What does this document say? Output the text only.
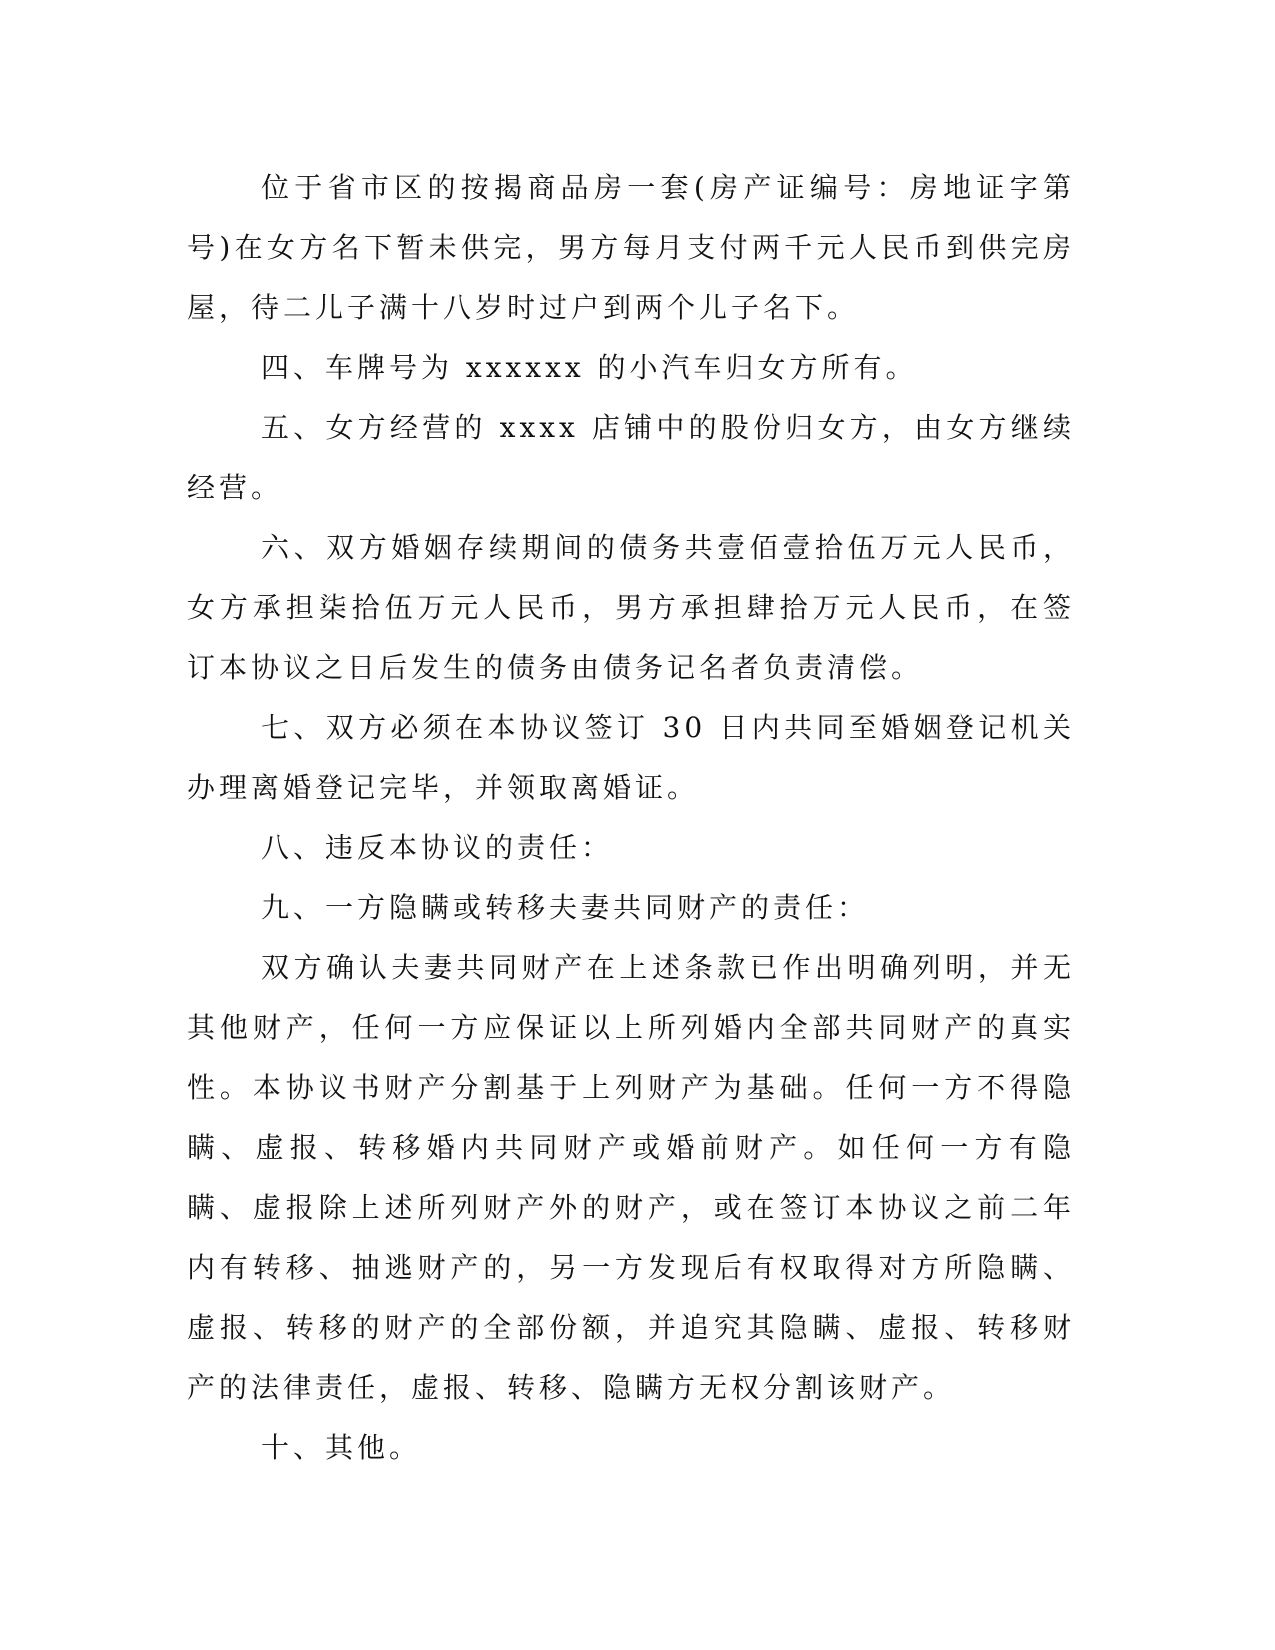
位于省市区的按揭商品房一套(房产证编号：房地证字第号)在女方名下暂未供完，男方每月支付两千元人民币到供完房屋，待二儿子满十八岁时过户到两个儿子名下。

四、车牌号为 xxxxxx 的小汽车归女方所有。

五、女方经营的 xxxx 店铺中的股份归女方，由女方继续经营。

六、双方婚姻存续期间的债务共壹佰壹拾伍万元人民币，女方承担柒拾伍万元人民币，男方承担肆拾万元人民币，在签订本协议之日后发生的债务由债务记名者负责清偿。

七、双方必须在本协议签订 30 日内共同至婚姻登记机关办理离婚登记完毕，并领取离婚证。

八、违反本协议的责任：

九、一方隐瞒或转移夫妻共同财产的责任：

双方确认夫妻共同财产在上述条款已作出明确列明，并无其他财产，任何一方应保证以上所列婚内全部共同财产的真实性。本协议书财产分割基于上列财产为基础。任何一方不得隐瞒、虚报、转移婚内共同财产或婚前财产。如任何一方有隐瞒、虚报除上述所列财产外的财产，或在签订本协议之前二年内有转移、抽逃财产的，另一方发现后有权取得对方所隐瞒、虚报、转移的财产的全部份额，并追究其隐瞒、虚报、转移财产的法律责任，虚报、转移、隐瞒方无权分割该财产。

十、其他。
